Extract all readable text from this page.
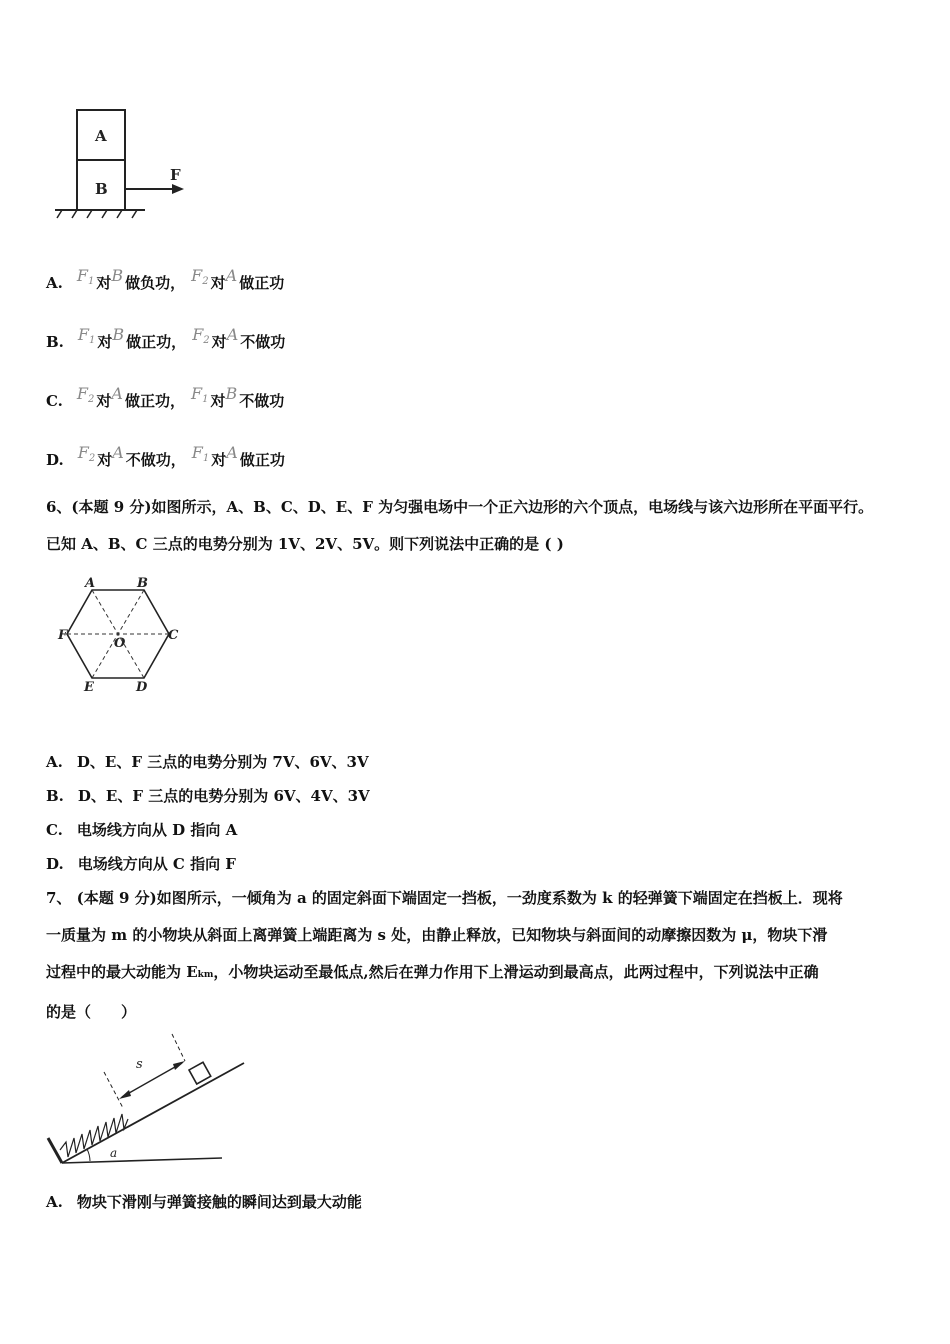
A
B
F
A. $F_1$ 对B 做负功， $F_2$ 对A 做正功
B. $F_1$ 对B 做正功， $F_2$ 对A 不做功
C. $F_2$ 对A 做正功， $F_1$ 对B 不做功
D. $F_2$ 对A 不做功， $F_1$ 对A 做正功
6、(本题 9 分)如图所示，A、B、C、D、E、F 为匀强电场中一个正六边形的六个顶点，电场线与该六边形所在平面平行。
已知 A、B、C 三点的电势分别为 1V、2V、5V。则下列说法中正确的是 ( )
A	B
C
D
E
F
O
A. D、E、F 三点的电势分别为 7V、6V、3V
B. D、E、F 三点的电势分别为 6V、4V、3V
C. 电场线方向从 D 指向 A
D. 电场线方向从 C 指向 F
7、 (本题 9 分)如图所示，一倾角为 a 的固定斜面下端固定一挡板，一劲度系数为 k 的轻弹簧下端固定在挡板上．现将
一质量为 m 的小物块从斜面上离弹簧上端距离为 s 处，由静止释放，已知物块与斜面间的动摩擦因数为 μ，物块下滑
过程中的最大动能为 Ekm，小物块运动至最低点,然后在弹力作用下上滑运动到最高点，此两过程中，下列说法中正确
的是（　　）
s
a
A. 物块下滑刚与弹簧接触的瞬间达到最大动能
